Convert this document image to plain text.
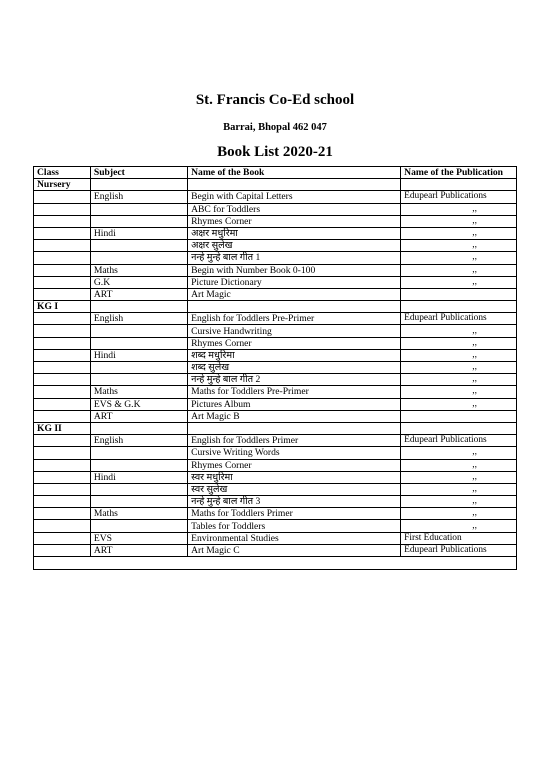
St. Francis Co-Ed school
Barrai, Bhopal 462 047
Book List 2020-21
Class	Subject	Name of the Book	Name of the Publication
Nursery			
	English	Begin with Capital Letters	Edupearl Publications
		ABC for Toddlers	,,
		Rhymes Corner	,,
	Hindi	अक्षर मधुरिमा	,,
		अक्षर सुलेख	,,
		नन्हे मुन्हे बाल गीत 1	,,
	Maths	Begin with Number Book 0-100	,,
	G.K	Picture Dictionary	,,
	ART	Art Magic	
KG I			
	English	English for Toddlers Pre-Primer	Edupearl Publications
		Cursive Handwriting	,,
		Rhymes Corner	,,
	Hindi	शब्द मधुरिमा	,,
		शब्द सुलेख	,,
		नन्हे मुन्हे बाल गीत 2	,,
	Maths	Maths for Toddlers Pre-Primer	,,
	EVS & G.K	Pictures Album	,,
	ART	Art Magic B	
KG II			
	English	English for Toddlers Primer	Edupearl Publications
		Cursive Writing Words	,,
		Rhymes Corner	,,
	Hindi	स्वर मधुरिमा	,,
		स्वर सुलेख	,,
		नन्हे मुन्हे बाल गीत 3	,,
	Maths	Maths for Toddlers Primer	,,
		Tables for Toddlers	,,
	EVS	Environmental Studies	First Education
	ART	Art Magic C	Edupearl Publications
